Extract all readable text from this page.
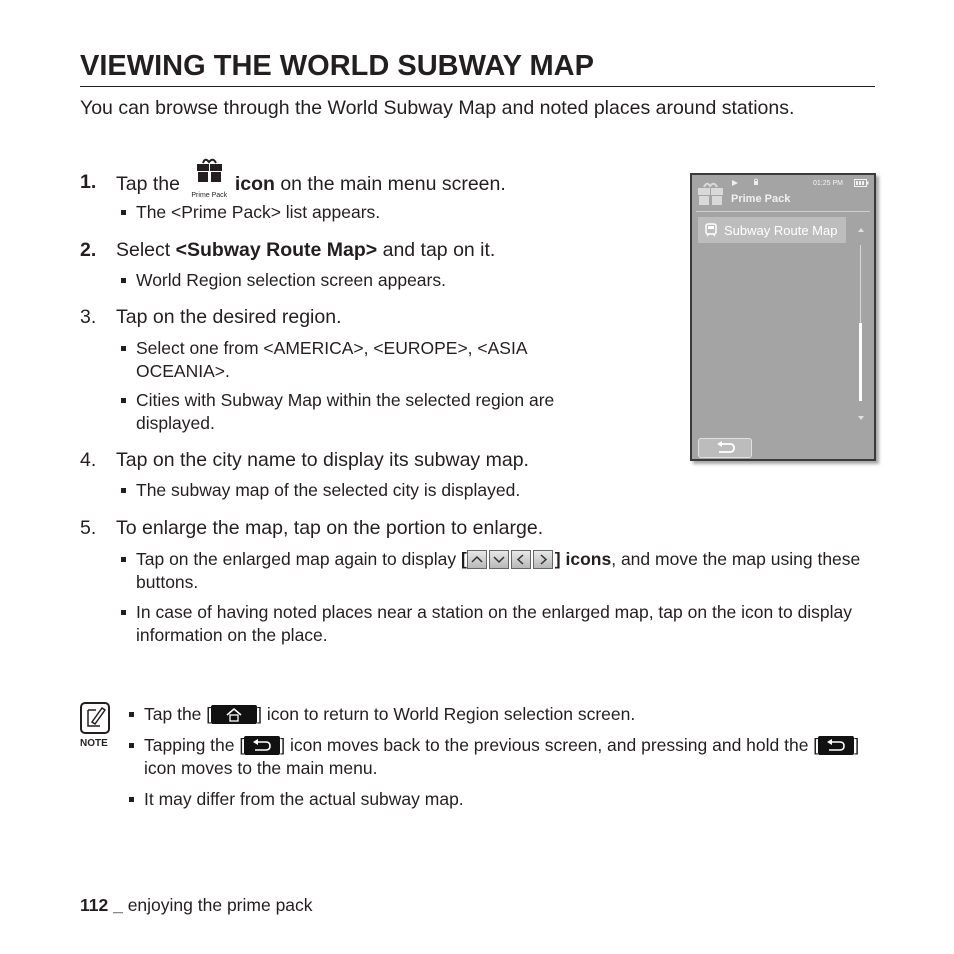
VIEWING THE WORLD SUBWAY MAP
You can browse through the World Subway Map and noted places around stations.
1. Tap the
Prime Pack
icon on the main menu screen.
The <Prime Pack> list appears.
2. Select <Subway Route Map> and tap on it.
World Region selection screen appears.
3. Tap on the desired region.
Select one from <AMERICA>, <EUROPE>, <ASIA OCEANIA>.
Cities with Subway Map within the selected region are displayed.
4. Tap on the city name to display its subway map.
The subway map of the selected city is displayed.
5. To enlarge the map, tap on the portion to enlarge.
Tap on the enlarged map again to display [	] icons, and move the map using these buttons.
In case of having noted places near a station on the enlarged map, tap on the icon to display information on the place.
01:25 PM
Prime Pack
Subway Route Map
NOTE
Tap the [	] icon to return to World Region selection screen.
Tapping the [ ] icon moves back to the previous screen, and pressing and hold the [ ] icon moves to the main menu.
It may differ from the actual subway map.
112 _ enjoying the prime pack
